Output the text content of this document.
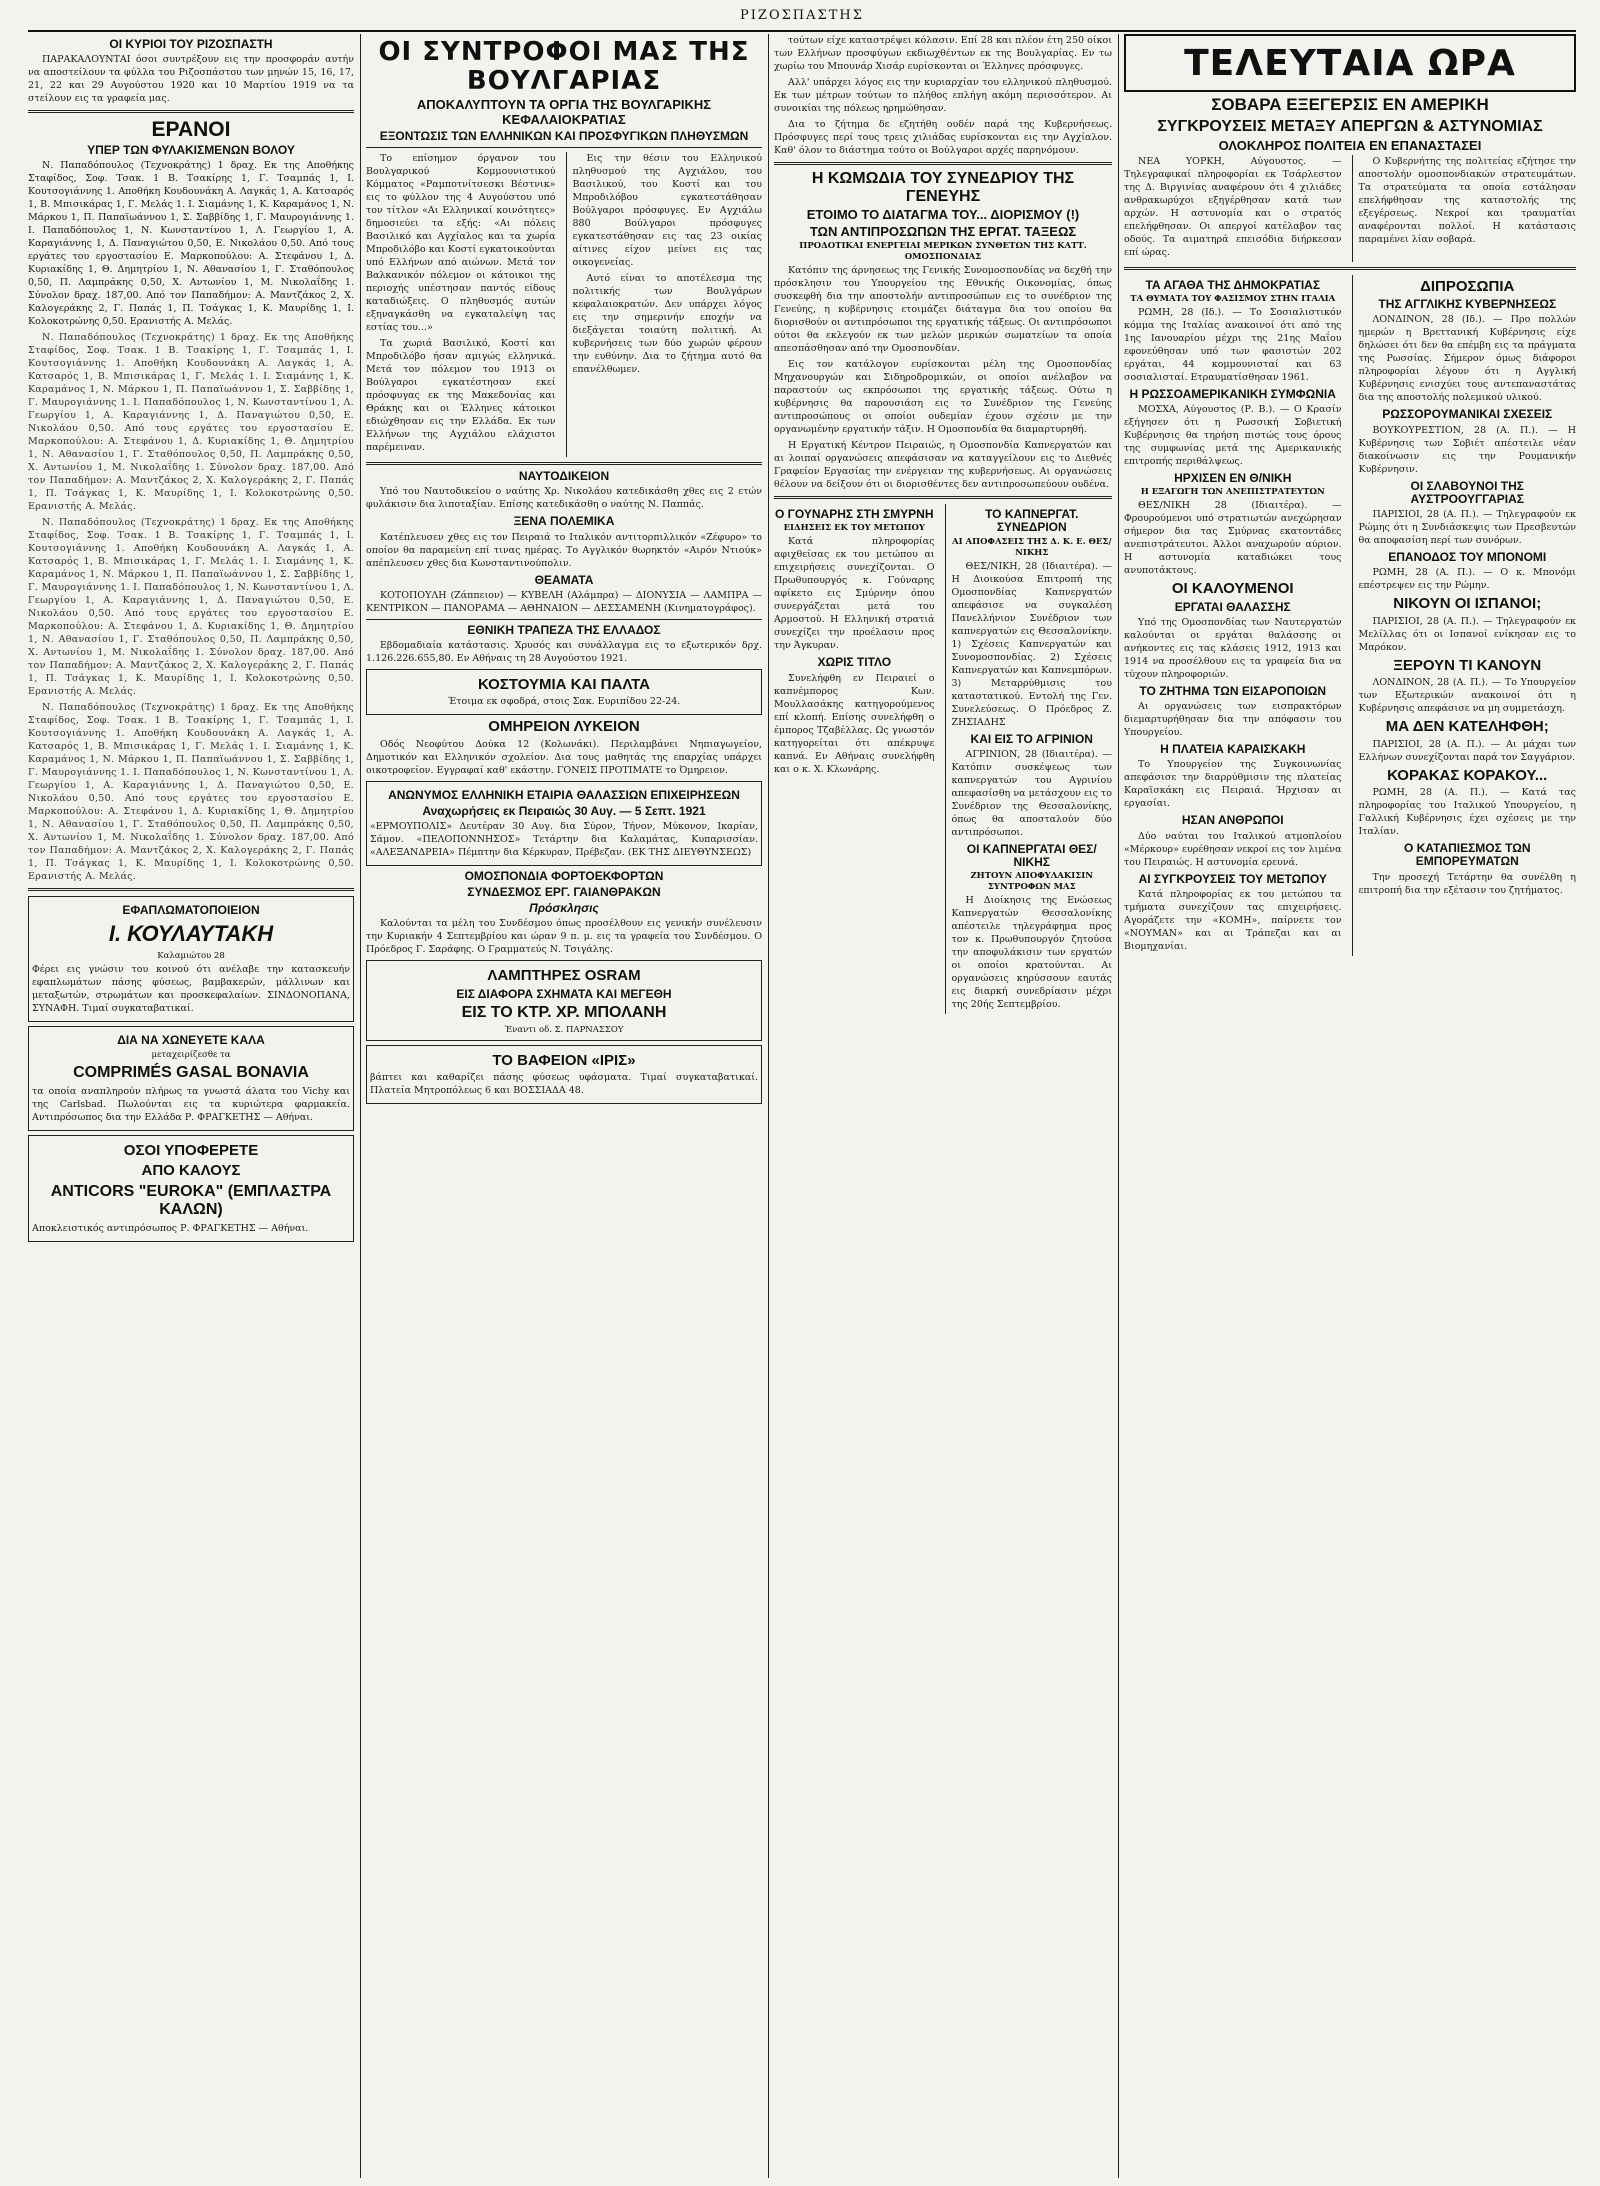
ΡΙΖΟΣΠΑΣΤΗΣ
ΟΙ ΚΥΡΙΟΙ ΤΟΥ ΡΙΖΟΣΠΑΣΤΗ

ΠΑΡΑΚΑΛΟΥΝΤΑΙ όσοι συντρέξουν εις την προσφοράν αυτήν να αποστείλουν τα φύλλα του Ριζοσπάστου των μηνών 15, 16, 17, 21, 22 και 29 Αυγούστου 1920 και 10 Μαρτίου 1919 να τα στείλουν εις τα γραφεία μας.

ΕΡΑΝΟΙ
ΥΠΕΡ ΤΩΝ ΦΥΛΑΚΙΣΜΕΝΩΝ ΒΟΛΟΥ

Ν. Παπαδόπουλος (Τεχνοκράτης) 1 δραχ. Εκ της Αποθήκης Σταφίδος, Σοφ. Τσακ. 1 Β. Τσακίρης 1, Γ. Τσαμπάς 1, Ι. Κουτσογιάννης 1. Αποθήκη Κουδουνάκη Α. Λαγκάς 1, Α. Κατσαρός 1, Β. Μπισικάρας 1, Γ. Μελάς 1. Ι. Σιαμάνης 1, Κ. Καραμάνος 1, Ν. Μάρκου 1, Π. Παπαϊωάννου 1, Σ. Σαββίδης 1, Γ. Μαυρογιάννης 1. Ι. Παπαδόπουλος 1, Ν. Κωνσταντίνου 1, Λ. Γεωργίου 1, Α. Καραγιάννης 1, Δ. Παναγιώτου 0,50, Ε. Νικολάου 0,50. Από τους εργάτες του εργοστασίου Ε. Μαρκοπούλου: Α. Στεφάνου 1, Δ. Κυριακίδης 1, Θ. Δημητρίου 1, Ν. Αθανασίου 1, Γ. Σταθόπουλος 0,50, Π. Λαμπράκης 0,50, Χ. Αντωνίου 1, Μ. Νικολαΐδης 1. Σύνολον δραχ. 187,00. Από τον Παπαδήμον: Α. Μαντζάκος 2, Χ. Καλογεράκης 2, Γ. Παπάς 1, Π. Τσάγκας 1, Κ. Μαυρίδης 1, Ι. Κολοκοτρώνης 0,50. Ερανιστής Α. Μελάς.

Ν. Παπαδόπουλος (Τεχνοκράτης) 1 δραχ. Εκ της Αποθήκης Σταφίδος, Σοφ. Τσακ. 1 Β. Τσακίρης 1, Γ. Τσαμπάς 1, Ι. Κουτσογιάννης 1. Αποθήκη Κουδουνάκη Α. Λαγκάς 1, Α. Κατσαρός 1, Β. Μπισικάρας 1, Γ. Μελάς 1. Ι. Σιαμάνης 1, Κ. Καραμάνος 1, Ν. Μάρκου 1, Π. Παπαϊωάννου 1, Σ. Σαββίδης 1, Γ. Μαυρογιάννης 1. Ι. Παπαδόπουλος 1, Ν. Κωνσταντίνου 1, Λ. Γεωργίου 1, Α. Καραγιάννης 1, Δ. Παναγιώτου 0,50, Ε. Νικολάου 0,50. Από τους εργάτες του εργοστασίου Ε. Μαρκοπούλου: Α. Στεφάνου 1, Δ. Κυριακίδης 1, Θ. Δημητρίου 1, Ν. Αθανασίου 1, Γ. Σταθόπουλος 0,50, Π. Λαμπράκης 0,50, Χ. Αντωνίου 1, Μ. Νικολαΐδης 1. Σύνολον δραχ. 187,00. Από τον Παπαδήμον: Α. Μαντζάκος 2, Χ. Καλογεράκης 2, Γ. Παπάς 1, Π. Τσάγκας 1, Κ. Μαυρίδης 1, Ι. Κολοκοτρώνης 0,50. Ερανιστής Α. Μελάς.

Ν. Παπαδόπουλος (Τεχνοκράτης) 1 δραχ. Εκ της Αποθήκης Σταφίδος, Σοφ. Τσακ. 1 Β. Τσακίρης 1, Γ. Τσαμπάς 1, Ι. Κουτσογιάννης 1. Αποθήκη Κουδουνάκη Α. Λαγκάς 1, Α. Κατσαρός 1, Β. Μπισικάρας 1, Γ. Μελάς 1. Ι. Σιαμάνης 1, Κ. Καραμάνος 1, Ν. Μάρκου 1, Π. Παπαϊωάννου 1, Σ. Σαββίδης 1, Γ. Μαυρογιάννης 1. Ι. Παπαδόπουλος 1, Ν. Κωνσταντίνου 1, Λ. Γεωργίου 1, Α. Καραγιάννης 1, Δ. Παναγιώτου 0,50, Ε. Νικολάου 0,50. Από τους εργάτες του εργοστασίου Ε. Μαρκοπούλου: Α. Στεφάνου 1, Δ. Κυριακίδης 1, Θ. Δημητρίου 1, Ν. Αθανασίου 1, Γ. Σταθόπουλος 0,50, Π. Λαμπράκης 0,50, Χ. Αντωνίου 1, Μ. Νικολαΐδης 1. Σύνολον δραχ. 187,00. Από τον Παπαδήμον: Α. Μαντζάκος 2, Χ. Καλογεράκης 2, Γ. Παπάς 1, Π. Τσάγκας 1, Κ. Μαυρίδης 1, Ι. Κολοκοτρώνης 0,50. Ερανιστής Α. Μελάς.

Ν. Παπαδόπουλος (Τεχνοκράτης) 1 δραχ. Εκ της Αποθήκης Σταφίδος, Σοφ. Τσακ. 1 Β. Τσακίρης 1, Γ. Τσαμπάς 1, Ι. Κουτσογιάννης 1. Αποθήκη Κουδουνάκη Α. Λαγκάς 1, Α. Κατσαρός 1, Β. Μπισικάρας 1, Γ. Μελάς 1. Ι. Σιαμάνης 1, Κ. Καραμάνος 1, Ν. Μάρκου 1, Π. Παπαϊωάννου 1, Σ. Σαββίδης 1, Γ. Μαυρογιάννης 1. Ι. Παπαδόπουλος 1, Ν. Κωνσταντίνου 1, Λ. Γεωργίου 1, Α. Καραγιάννης 1, Δ. Παναγιώτου 0,50, Ε. Νικολάου 0,50. Από τους εργάτες του εργοστασίου Ε. Μαρκοπούλου: Α. Στεφάνου 1, Δ. Κυριακίδης 1, Θ. Δημητρίου 1, Ν. Αθανασίου 1, Γ. Σταθόπουλος 0,50, Π. Λαμπράκης 0,50, Χ. Αντωνίου 1, Μ. Νικολαΐδης 1. Σύνολον δραχ. 187,00. Από τον Παπαδήμον: Α. Μαντζάκος 2, Χ. Καλογεράκης 2, Γ. Παπάς 1, Π. Τσάγκας 1, Κ. Μαυρίδης 1, Ι. Κολοκοτρώνης 0,50. Ερανιστής Α. Μελάς.

ΕΦΑΠΛΩΜΑΤΟΠΟΙΕΙΟΝ
Ι. ΚΟΥΛΑΥΤΑΚΗ
Καλαμιώτου 28

Φέρει εις γνώσιν του κοινού ότι ανέλαβε την κατασκευήν εφαπλωμάτων πάσης φύσεως, βαμβακερών, μάλλινων και μεταξωτών, στρωμάτων και προσκεφαλαίων. ΣΙΝΔΟΝΟΠΑΝΑ, ΣΥΝΑΦΗ. Τιμαί συγκαταβατικαί.

ΔΙΑ ΝΑ ΧΩΝΕΥΕΤΕ ΚΑΛΑ
μεταχειρίζεσθε τα
COMPRIMÉS GASAL BONAVIA

τα οποία αναπληρούν πλήρως τα γνωστά άλατα του Vichy και της Carlsbad. Πωλούνται εις τα κυριώτερα φαρμακεία. Αντιπρόσωπος δια την Ελλάδα Ρ. ΦΡΑΓΚΕΤΗΣ — Αθήναι.

ΟΣΟΙ ΥΠΟΦΕΡΕΤΕ
ΑΠΟ ΚΑΛΟΥΣ
ANTICORS "EUROKA" (ΕΜΠΛΑΣΤΡΑ ΚΑΛΩΝ)

Αποκλειστικός αντιπρόσωπος Ρ. ΦΡΑΓΚΕΤΗΣ — Αθήναι.

ΟΙ ΣΥΝΤΡΟΦΟΙ ΜΑΣ ΤΗΣ ΒΟΥΛΓΑΡΙΑΣ
ΑΠΟΚΑΛΥΠΤΟΥΝ ΤΑ ΟΡΓΙΑ ΤΗΣ ΒΟΥΛΓΑΡΙΚΗΣ ΚΕΦΑΛΑΙΟΚΡΑΤΙΑΣ
ΕΞΟΝΤΩΣΙΣ ΤΩΝ ΕΛΛΗΝΙΚΩΝ ΚΑΙ ΠΡΟΣΦΥΓΙΚΩΝ ΠΛΗΘΥΣΜΩΝ

Το επίσημον όργανον του Βουλγαρικού Κομμουνιστικού Κόμματος «Ραμποτνίτσεσκι Βέστνικ» εις το φύλλον της 4 Αυγούστου υπό τον τίτλον «Αι Ελληνικαί κοινότητες» δημοσιεύει τα εξής: «Αι πόλεις Βασιλικό και Αγχίαλος και τα χωρία Μπροδιλόβο και Κοστί εγκατοικούνται υπό Ελλήνων από αιώνων. Μετά τον Βαλκανικόν πόλεμον οι κάτοικοι της περιοχής υπέστησαν παντός είδους καταδιώξεις. Ο πληθυσμός αυτών εξηναγκάσθη να εγκαταλείψη τας εστίας του...»

Τα χωριά Βασιλικό, Κοστί και Μπροδιλόβο ήσαν αμιγώς ελληνικά. Μετά τον πόλεμον του 1913 οι Βούλγαροι εγκατέστησαν εκεί πρόσφυγας εκ της Μακεδονίας και Θράκης και οι Έλληνες κάτοικοι εδιώχθησαν εις την Ελλάδα. Εκ των Ελλήνων της Αγχιάλου ελάχιστοι παρέμειναν.

Εις την θέσιν του Ελληνικού πληθυσμού της Αγχιάλου, του Βασιλικού, του Κοστί και του Μπροδιλόβου εγκατεστάθησαν Βούλγαροι πρόσφυγες. Εν Αγχιάλω 880 Βούλγαροι πρόσφυγες εγκατεστάθησαν εις τας 23 οικίας αίτινες είχον μείνει εις τας οικογενείας.

Αυτό είναι το αποτέλεσμα της πολιτικής των Βουλγάρων κεφαλαιοκρατών. Δεν υπάρχει λόγος εις την σημερινήν εποχήν να διεξάγεται τοιαύτη πολιτική. Αι κυβερνήσεις των δύο χωρών φέρουν την ευθύνην. Δια το ζήτημα αυτό θα επανέλθωμεν.

ΝΑΥΤΟΔΙΚΕΙΟΝ

Υπό του Ναυτοδικείου ο ναύτης Χρ. Νικολάου κατεδικάσθη χθες εις 2 ετών φυλάκισιν δια λιποταξίαν. Επίσης κατεδικάσθη ο ναύτης Ν. Παππάς.

ΞΕΝΑ ΠΟΛΕΜΙΚΑ

Κατέπλευσεν χθες εις τον Πειραιά το Ιταλικόν αντιτορπιλλικόν «Ζέφυρο» το οποίον θα παραμείνη επί τινας ημέρας. Το Αγγλικόν θωρηκτόν «Αιρόν Ντιούκ» απέπλευσεν χθες δια Κωνσταντινούπολιν.

ΘΕΑΜΑΤΑ

ΚΟΤΟΠΟΥΛΗ (Ζάππειον) — ΚΥΒΕΛΗ (Αλάμπρα) — ΔΙΟΝΥΣΙΑ — ΛΑΜΠΡΑ — ΚΕΝΤΡΙΚΟΝ — ΠΑΝΟΡΑΜΑ — ΑΘΗΝΑΙΟΝ — ΔΕΣΣΑΜΕΝΗ (Κινηματογράφος).

ΕΘΝΙΚΗ ΤΡΑΠΕΖΑ ΤΗΣ ΕΛΛΑΔΟΣ

Εβδομαδιαία κατάστασις. Χρυσός και συνάλλαγμα εις το εξωτερικόν δρχ. 1.126.226.655,80. Εν Αθήναις τη 28 Αυγούστου 1921.

ΚΟΣΤΟΥΜΙΑ ΚΑΙ ΠΑΛΤΑ

Έτοιμα εκ σφοδρά, στοις Σακ. Ευριπίδου 22-24.

ΟΜΗΡΕΙΟΝ ΛΥΚΕΙΟΝ

Οδός Νεοφύτου Δούκα 12 (Κολωνάκι). Περιλαμβάνει Νηπιαγωγείον, Δημοτικόν και Ελληνικόν σχολείον. Δια τους μαθητάς της επαρχίας υπάρχει οικοτροφείον. Εγγραφαί καθ' εκάστην. ΓΟΝΕΙΣ ΠΡΟΤΙΜΑΤΕ το Όμηρειον.

ΑΝΩΝΥΜΟΣ ΕΛΛΗΝΙΚΗ ΕΤΑΙΡΙΑ ΘΑΛΑΣΣΙΩΝ ΕΠΙΧΕΙΡΗΣΕΩΝ
Αναχωρήσεις εκ Πειραιώς 30 Αυγ. — 5 Σεπτ. 1921

«ΕΡΜΟΥΠΟΛΙΣ» Δευτέραν 30 Αυγ. δια Σύρον, Τήνον, Μύκονον, Ικαρίαν, Σάμον. «ΠΕΛΟΠΟΝΝΗΣΟΣ» Τετάρτην δια Καλαμάτας, Κυπαρισσίαν. «ΑΛΕΞΑΝΔΡΕΙΑ» Πέμπτην δια Κέρκυραν, Πρέβεζαν. (ΕΚ ΤΗΣ ΔΙΕΥΘΥΝΣΕΩΣ)

ΟΜΟΣΠΟΝΔΙΑ ΦΟΡΤΟΕΚΦΟΡΤΩΝ
ΣΥΝΔΕΣΜΟΣ ΕΡΓ. ΓΑΙΑΝΘΡΑΚΩΝ
Πρόσκλησις

Καλούνται τα μέλη του Συνδέσμου όπως προσέλθουν εις γενικήν συνέλευσιν την Κυριακήν 4 Σεπτεμβρίου και ώραν 9 π. μ. εις τα γραφεία του Συνδέσμου. Ο Πρόεδρος Γ. Σαράφης. Ο Γραμματεύς Ν. Τσιγάλης.

ΛΑΜΠΤΗΡΕΣ OSRAM
ΕΙΣ ΔΙΑΦΟΡΑ ΣΧΗΜΑΤΑ ΚΑΙ ΜΕΓΕΘΗ
ΕΙΣ ΤΟ ΚΤΡ. ΧΡ. ΜΠΟΛΑΝΗ
Έναντι οδ. Σ. ΠΑΡΝΑΣΣΟΥ
ΤΟ ΒΑΦΕΙΟΝ «ΙΡΙΣ»

βάπτει και καθαρίζει πάσης φύσεως υφάσματα. Τιμαί συγκαταβατικαί. Πλατεία Μητροπόλεως 6 και ΒΟΣΣΙΑΔΑ 48.

τούτων είχε καταστρέψει κόλασιν. Επί 28 και πλέον έτη 250 οίκοι των Ελλήνων προσφύγων εκδιωχθέντων εκ της Βουλγαρίας. Εν τω χωρίω του Μπουνάρ Χισάρ ευρίσκονται οι Έλληνες πρόσφυγες.

Αλλ' υπάρχει λόγος εις την κυριαρχίαν του ελληνικού πληθυσμού. Εκ των μέτρων τούτων το πλήθος επλήγη ακόμη περισσότερον. Αι συνοικίαι της πόλεως ηρημώθησαν.

Δια το ζήτημα δε εζητήθη ουδέν παρά της Κυβερνήσεως. Πρόσφυγες περί τους τρεις χιλιάδας ευρίσκονται εις την Αγχίαλον. Καθ' όλον το διάστημα τούτο οι Βούλγαροι αρχές παρηνόμουν.

Η ΚΩΜΩΔΙΑ ΤΟΥ ΣΥΝΕΔΡΙΟΥ ΤΗΣ ΓΕΝΕΥΗΣ
ΕΤΟΙΜΟ ΤΟ ΔΙΑΤΑΓΜΑ ΤΟΥ... ΔΙΟΡΙΣΜΟΥ (!)
ΤΩΝ ΑΝΤΙΠΡΟΣΩΠΩΝ ΤΗΣ ΕΡΓΑΤ. ΤΑΞΕΩΣ
ΠΡΟΔΟΤΙΚΑΙ ΕΝΕΡΓΕΙΑΙ ΜΕΡΙΚΩΝ ΣΥΝΘΕΤΩΝ ΤΗΣ ΚΑΤΤ. ΟΜΟΣΠΟΝΔΙΑΣ

Κατόπιν της άρνησεως της Γενικής Συνομοσπονδίας να δεχθή την πρόσκλησιν του Υπουργείου της Εθνικής Οικονομίας, όπως συσκεφθή δια την αποστολήν αντιπροσώπων εις το συνέδριον της Γενεύης, η κυβέρνησις ετοιμάζει διάταγμα δια του οποίου θα διορισθούν οι αντιπρόσωποι της εργατικής τάξεως. Οι αντιπρόσωποι ούτοι θα εκλεγούν εκ των μελών μερικών σωματείων τα οποία απεσπάσθησαν από την Ομοσπονδίαν.

Εις τον κατάλογον ευρίσκονται μέλη της Ομοσπονδίας Μηχανουργών και Σιδηροδρομικών, οι οποίοι ανέλαβον να παραστούν ως εκπρόσωποι της εργατικής τάξεως. Ούτω η κυβέρνησις θα παρουσιάση εις το Συνέδριον της Γενεύης αντιπροσώπους οι οποίοι ουδεμίαν έχουν σχέσιν με την οργανωμένην εργατικήν τάξιν. Η Ομοσπονδία θα διαμαρτυρηθή.

Η Εργατική Κέντρον Πειραιώς, η Ομοσπονδία Καπνεργατών και αι λοιπαί οργανώσεις απεφάσισαν να καταγγείλουν εις το Διεθνές Γραφείον Εργασίας την ενέργειαν της κυβερνήσεως. Αι οργανώσεις θέλουν να δείξουν ότι οι διορισθέντες δεν αντιπροσωπεύουν ουδένα.

Ο ΓΟΥΝΑΡΗΣ ΣΤΗ ΣΜΥΡΝΗ
ΕΙΔΗΣΕΙΣ ΕΚ ΤΟΥ ΜΕΤΩΠΟΥ

Κατά πληροφορίας αφιχθείσας εκ του μετώπου αι επιχειρήσεις συνεχίζονται. Ο Πρωθυπουργός κ. Γούναρης αφίκετο εις Σμύρνην όπου συνεργάζεται μετά του Αρμοστού. Η Ελληνική στρατιά συνεχίζει την προέλασιν προς την Άγκυραν.

ΧΩΡΙΣ ΤΙΤΛΟ

Συνελήφθη εν Πειραιεί ο καπνέμπορος Κων. Μουλλασάκης κατηγορούμενος επί κλοπή. Επίσης συνελήφθη ο έμπορος Τζαβέλλας. Ως γνωστόν κατηγορείται ότι απέκρυψε καπνά. Εν Αθήναις συνελήφθη και ο κ. Χ. Κλωνάρης.

ΤΟ ΚΑΠΝΕΡΓΑΤ. ΣΥΝΕΔΡΙΟΝ
ΑΙ ΑΠΟΦΑΣΕΙΣ ΤΗΣ Δ. Κ. Ε. ΘΕΣ/ΝΙΚΗΣ

ΘΕΣ/ΝΙΚΗ, 28 (Ιδιαιτέρα). — Η Διοικούσα Επιτροπή της Ομοσπονδίας Καπνεργατών απεφάσισε να συγκαλέση Πανελλήνιον Συνέδριον των καπνεργατών εις Θεσσαλονίκην. 1) Σχέσεις Καπνεργατών και Συνομοσπονδίας. 2) Σχέσεις Καπνεργατών και Καπνεμπόρων. 3) Μεταρρύθμισις του καταστατικού. Εντολή της Γεν. Συνελεύσεως. Ο Πρόεδρος Ζ. ΖΗΣΙΑΔΗΣ

ΚΑΙ ΕΙΣ ΤΟ ΑΓΡΙΝΙΟΝ

ΑΓΡΙΝΙΟΝ, 28 (Ιδιαιτέρα). — Κατόπιν συσκέψεως των καπνεργατών του Αγρινίου απεφασίσθη να μετάσχουν εις το Συνέδριον της Θεσσαλονίκης, όπως θα αποσταλούν δύο αντιπρόσωποι.

ΟΙ ΚΑΠΝΕΡΓΑΤΑΙ ΘΕΣ/ΝΙΚΗΣ
ΖΗΤΟΥΝ ΑΠΟΦΥΛΑΚΙΣΙΝ ΣΥΝΤΡΟΦΩΝ ΜΑΣ

Η Διοίκησις της Ενώσεως Καπνεργατών Θεσσαλονίκης απέστειλε τηλεγράφημα προς τον κ. Πρωθυπουργόν ζητούσα την αποφυλάκισιν των εργατών οι οποίοι κρατούνται. Αι οργανώσεις κηρύσσουν εαυτάς εις διαρκή συνεδρίασιν μέχρι της 20ής Σεπτεμβρίου.

ΤΕΛΕΥΤΑΙΑ ΩΡΑ
ΣΟΒΑΡΑ ΕΞΕΓΕΡΣΙΣ ΕΝ ΑΜΕΡΙΚΗ
ΣΥΓΚΡΟΥΣΕΙΣ ΜΕΤΑΞΥ ΑΠΕΡΓΩΝ & ΑΣΤΥΝΟΜΙΑΣ
ΟΛΟΚΛΗΡΟΣ ΠΟΛΙΤΕΙΑ ΕΝ ΕΠΑΝΑΣΤΑΣΕΙ

ΝΕΑ ΥΟΡΚΗ, Αύγουστος. — Τηλεγραφικαί πληροφορίαι εκ Τσάρλεστον της Δ. Βιργινίας αναφέρουν ότι 4 χιλιάδες ανθρακωρύχοι εξηγέρθησαν κατά των αρχών. Η αστυνομία και ο στρατός επελήφθησαν. Οι απεργοί κατέλαβον τας οδούς. Τα αιματηρά επεισόδια διήρκεσαν επί ώρας.

Ο Κυβερνήτης της πολιτείας εζήτησε την αποστολήν ομοσπονδιακών στρατευμάτων. Τα στρατεύματα τα οποία εστάλησαν επελήφθησαν της καταστολής της εξεγέρσεως. Νεκροί και τραυματίαι αναφέρονται πολλοί. Η κατάστασις παραμένει λίαν σοβαρά.

ΤΑ ΑΓΑΘΑ ΤΗΣ ΔΗΜΟΚΡΑΤΙΑΣ
ΤΑ ΘΥΜΑΤΑ ΤΟΥ ΦΑΣΙΣΜΟΥ ΣΤΗΝ ΙΤΑΛΙΑ

ΡΩΜΗ, 28 (Ιδ.). — Το Σοσιαλιστικόν κόμμα της Ιταλίας ανακοινοί ότι από της 1ης Ιανουαρίου μέχρι της 21ης Μαΐου εφονεύθησαν υπό των φασιστών 202 εργάται, 44 κομμουνισταί και 63 σοσιαλισταί. Ετραυματίσθησαν 1961.

Η ΡΩΣΣΟΑΜΕΡΙΚΑΝΙΚΗ ΣΥΜΦΩΝΙΑ

ΜΟΣΧΑ, Αύγουστος (Ρ. Β.). — Ο Κρασίν εξήγησεν ότι η Ρωσσική Σοβιετική Κυβέρνησις θα τηρήση πιστώς τους όρους της συμφωνίας μετά της Αμερικανικής επιτροπής περιθάλψεως.

ΗΡΧΙΣΕΝ ΕΝ Θ/ΝΙΚΗ
Η ΕΞΑΓΩΓΗ ΤΩΝ ΑΝΕΠΙΣΤΡΑΤΕΥΤΩΝ

ΘΕΣ/ΝΙΚΗ 28 (Ιδιαιτέρα). — Φρουρούμενοι υπό στρατιωτών ανεχώρησαν σήμερον δια τας Σμύρνας εκατοντάδες ανεπιστράτευτοι. Άλλοι αναχωρούν αύριον. Η αστυνομία καταδιώκει τους ανυποτάκτους.

ΟΙ ΚΑΛΟΥΜΕΝΟΙ
ΕΡΓΑΤΑΙ ΘΑΛΑΣΣΗΣ

Υπό της Ομοσπονδίας των Ναυτεργατών καλούνται οι εργάται θαλάσσης οι ανήκοντες εις τας κλάσεις 1912, 1913 και 1914 να προσέλθουν εις τα γραφεία δια να τύχουν πληροφοριών.

ΤΟ ΖΗΤΗΜΑ ΤΩΝ ΕΙΣΑΡΟΠΟΙΩΝ

Αι οργανώσεις των εισπρακτόρων διεμαρτυρήθησαν δια την απόφασιν του Υπουργείου.

Η ΠΛΑΤΕΙΑ ΚΑΡΑΙΣΚΑΚΗ

Το Υπουργείον της Συγκοινωνίας απεφάσισε την διαρρύθμισιν της πλατείας Καραϊσκάκη εις Πειραιά. Ήρχισαν αι εργασίαι.

ΗΣΑΝ ΑΝΘΡΩΠΟΙ

Δύο ναύται του Ιταλικού ατμοπλοίου «Μέρκουρ» ευρέθησαν νεκροί εις τον λιμένα του Πειραιώς. Η αστυνομία ερευνά.

ΑΙ ΣΥΓΚΡΟΥΣΕΙΣ ΤΟΥ ΜΕΤΩΠΟΥ

Κατά πληροφορίας εκ του μετώπου τα τμήματα συνεχίζουν τας επιχειρήσεις. Αγοράζετε την «ΚΟΜΗ», παίρνετε τον «ΝΟΥΜΑΝ» και αι Τράπεζαι και αι Βιομηχανίαι.

ΔΙΠΡΟΣΩΠΙΑ
ΤΗΣ ΑΓΓΛΙΚΗΣ ΚΥΒΕΡΝΗΣΕΩΣ

ΛΟΝΔΙΝΟΝ, 28 (Ιδ.). — Προ πολλών ημερών η Βρεττανική Κυβέρνησις είχε δηλώσει ότι δεν θα επέμβη εις τα πράγματα της Ρωσσίας. Σήμερον όμως διάφοροι πληροφορίαι λέγουν ότι η Αγγλική Κυβέρνησις ενισχύει τους αντεπαναστάτας δια της αποστολής πολεμικού υλικού.

ΡΩΣΣΟΡΟΥΜΑΝΙΚΑΙ ΣΧΕΣΕΙΣ

ΒΟΥΚΟΥΡΕΣΤΙΟΝ, 28 (Α. Π.). — Η Κυβέρνησις των Σοβιέτ απέστειλε νέαν διακοίνωσιν εις την Ρουμανικήν Κυβέρνησιν.

ΟΙ ΣΛΑΒΟΥΝΟΙ ΤΗΣ ΑΥΣΤΡΟΟΥΓΓΑΡΙΑΣ

ΠΑΡΙΣΙΟΙ, 28 (Α. Π.). — Τηλεγραφούν εκ Ρώμης ότι η Συνδιάσκεψις των Πρεσβευτών θα αποφασίση περί των συνόρων.

ΕΠΑΝΟΔΟΣ ΤΟΥ ΜΠΟΝΟΜΙ

ΡΩΜΗ, 28 (Α. Π.). — Ο κ. Μπονόμι επέστρεψεν εις την Ρώμην.

ΝΙΚΟΥΝ ΟΙ ΙΣΠΑΝΟΙ;

ΠΑΡΙΣΙΟΙ, 28 (Α. Π.). — Τηλεγραφούν εκ Μελίλλας ότι οι Ισπανοί ενίκησαν εις το Μαρόκον.

ΞΕΡΟΥΝ ΤΙ ΚΑΝΟΥΝ

ΛΟΝΔΙΝΟΝ, 28 (Α. Π.). — Το Υπουργείον των Εξωτερικών ανακοινοί ότι η Κυβέρνησις απεφάσισε να μη συμμετάσχη.

ΜΑ ΔΕΝ ΚΑΤΕΛΗΦΘΗ;

ΠΑΡΙΣΙΟΙ, 28 (Α. Π.). — Αι μάχαι των Ελλήνων συνεχίζονται παρά τον Σαγγάριον.

ΚΟΡΑΚΑΣ ΚΟΡΑΚΟΥ...

ΡΩΜΗ, 28 (Α. Π.). — Κατά τας πληροφορίας του Ιταλικού Υπουργείου, η Γαλλική Κυβέρνησις έχει σχέσεις με την Ιταλίαν.

Ο ΚΑΤΑΠΙΕΣΜΟΣ ΤΩΝ ΕΜΠΟΡΕΥΜΑΤΩΝ

Την προσεχή Τετάρτην θα συνέλθη η επιτροπή δια την εξέτασιν του ζητήματος.
